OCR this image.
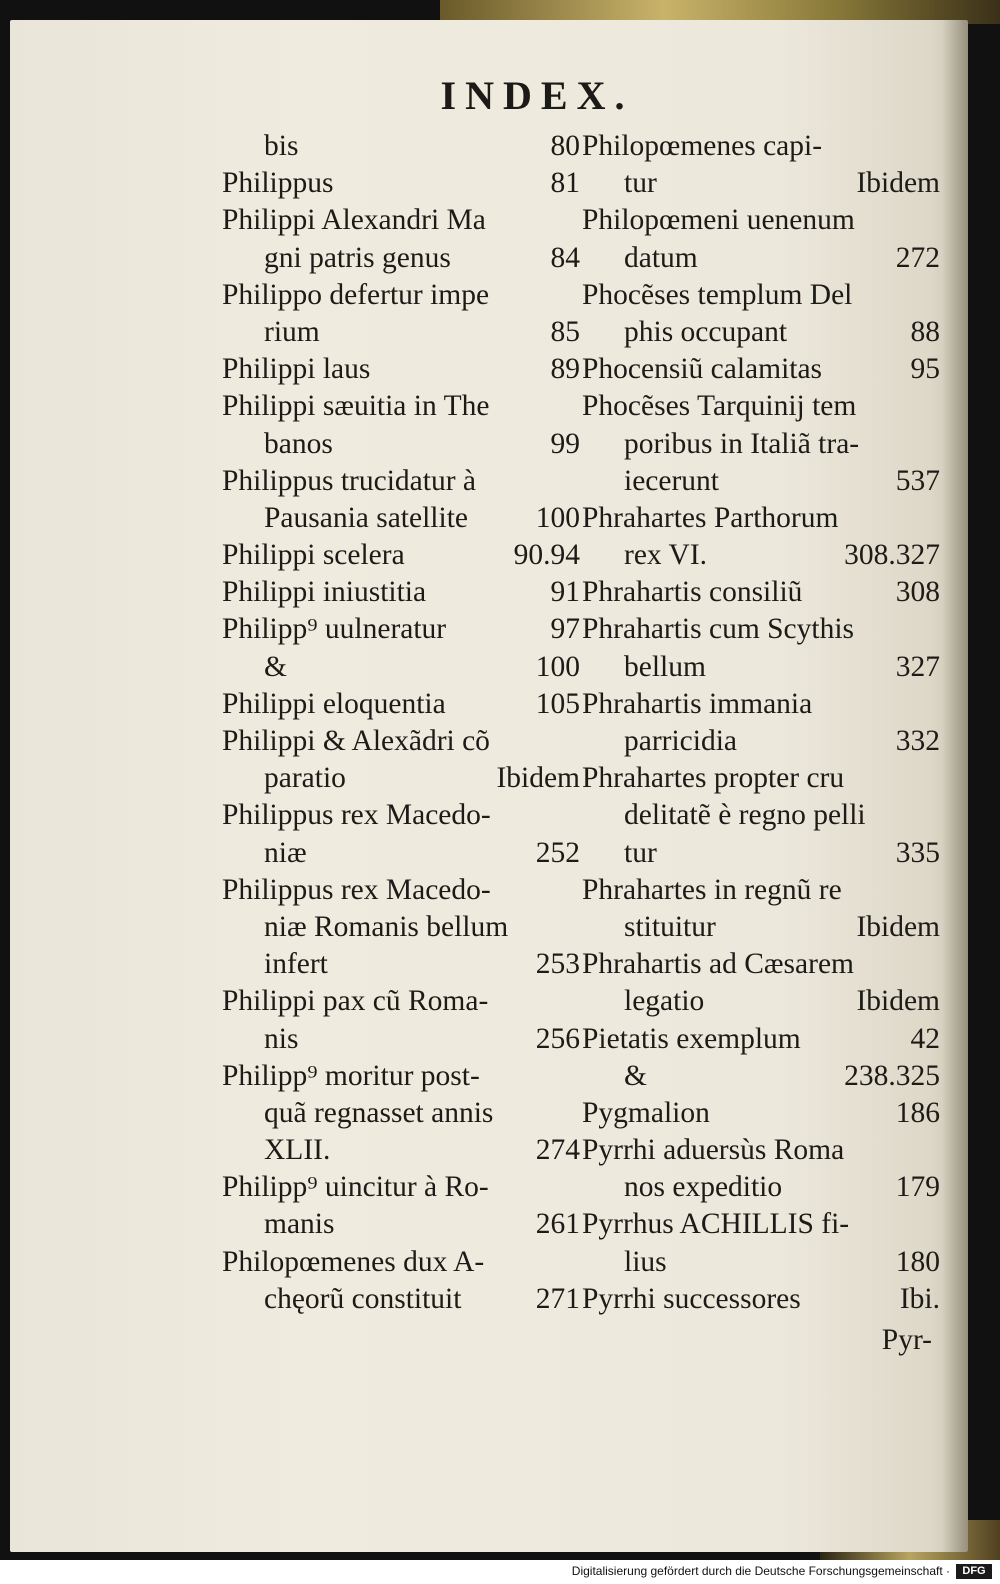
INDEX.
bis	80
Philippus	81
Philippi Alexandri Ma
gni patris genus	84
Philippo defertur impe
rium	85
Philippi laus	89
Philippi sæuitia in The
banos	99
Philippus trucidatur à
Pausania satellite 100
Philippi scelera	90.94
Philippi iniustitia	91
Philipp⁹ uulneratur	97
&	100
Philippi eloquentia	105
Philippi & Alexãdri cõ
paratio	Ibidem
Philippus rex Macedo-
niæ	252
Philippus rex Macedo-
niæ Romanis bellum
infert	253
Philippi pax cũ Roma-
nis	256
Philipp⁹ moritur post-
quã regnasset annis
XLII.	274
Philipp⁹ uincitur à Ro-
manis	261
Philopœmenes dux A-
chęorũ constituit	271
Philopœmenes capi-
tur	Ibidem
Philopœmeni uenenum
datum	272
Phocẽses templum Del
phis occupant	88
Phocensiũ calamitas	95
Phocẽses Tarquinij tem
poribus in Italiã tra-
iecerunt	537
Phrahartes Parthorum
rex VI.	308.327
Phrahartis consiliũ	308
Phrahartis cum Scythis
bellum	327
Phrahartis immania
parricidia	332
Phrahartes propter cru
delitatẽ è regno pelli
tur	335
Phrahartes in regnũ re
stituitur	Ibidem
Phrahartis ad Cæsarem
legatio	Ibidem
Pietatis exemplum	42
&	238.325
Pygmalion	186
Pyrrhi aduersùs Roma
nos expeditio	179
Pyrrhus ACHILLIS fi-
lius	180
Pyrrhi successores	Ibi.
Pyr-
Digitalisierung gefördert durch die Deutsche Forschungsgemeinschaft ·	DFG
